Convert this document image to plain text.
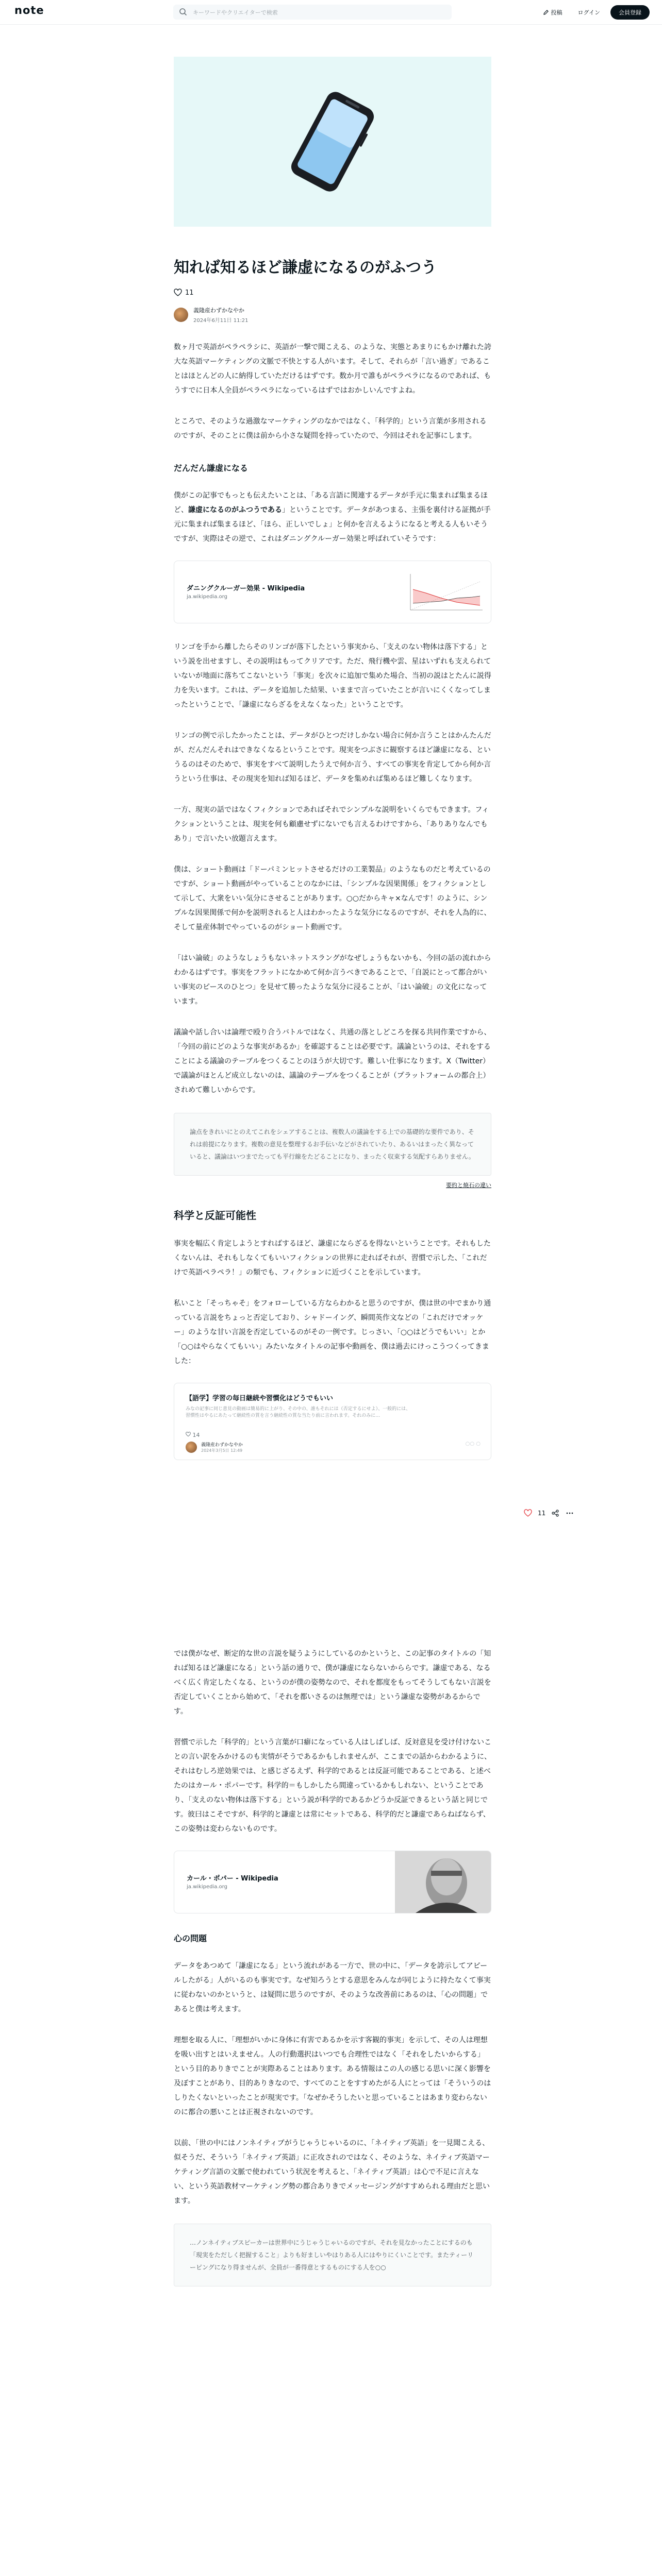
note
キーワードやクリエイターで検索	投稿	ログイン	会員登録
知れば知るほど謙虚になるのがふつう
11
義隆産わずかなやか
2024年6月11日 11:21

数ヶ月で英語がペラペラシに、英語が一撃で聞こえる、のような、実態とあまりにもかけ離れた誇大な英語マーケティングの文脈で不快とする人がいます。そして、それらが「言い過ぎ」であることはほとんどの人に納得していただけるはずです。数か月で誰もがペラペラになるのであれば、もうすでに日本人全員がペラペラになっているはずではおかしいんですよね。

ところで、そのような過激なマーケティングのなかではなく、「科学的」という言葉が多用されるのですが、そのことに僕は前から小さな疑問を持っていたので、今回はそれを記事にします。

だんだん謙虚になる

僕がこの記事でもっとも伝えたいことは、「ある言語に関連するデータが手元に集まれば集まるほど、謙虚になるのがふつうである」ということです。データがあつまる、主張を裏付ける証拠が手元に集まれば集まるほど、「ほら、正しいでしょ」と何かを言えるようになると考える人もいそうですが、実際はその逆で、これはダニングクルーガー効果と呼ばれていそうです：

ダニングクルーガー効果 - Wikipedia
ja.wikipedia.org

リンゴを手から離したらそのリンゴが落下したという事実から、「支えのない物体は落下する」という説を出せますし、その説明はもってクリアです。ただ、飛行機や雲、星はいずれも支えられていないが地面に落ちてこないという「事実」を次々に追加で集めた場合、当初の説はとたんに説得力を失います。これは、データを追加した結果、いままで言っていたことが言いにくくなってしまったということで、「謙虚にならざるをえなくなった」ということです。

リンゴの例で示したかったことは、データがひとつだけしかない場合に何か言うことはかんたんだが、だんだんそれはできなくなるということです。現実をつぶさに観察するほど謙虚になる、というるのはそのためで、事実をすべて説明したうえで何か言う、すべての事実を肯定してから何か言うという仕事は、その現実を知れば知るほど、データを集めれば集めるほど難しくなります。

一方、現実の話ではなくフィクションであればそれでシンプルな説明をいくらでもできます。フィクションということは、現実を何も顧慮せずにないでも言えるわけですから、「ありありなんでもあり」で言いたい放題言えます。

僕は、ショート動画は「ドーパミンヒットさせるだけの工業製品」のようなものだと考えているのですが、ショート動画がやっていることのなかには、「シンプルな因果関係」をフィクションとして示して、大衆をいい気分にさせることがあります。○○だからキャ×なんです！のように、シンプルな因果関係で何かを説明されると人はわかったような気分になるのですが、それを人為的に、そして量産体制でやっているのがショート動画です。

「はい論破」のようなしょうもないネットスラングがなぜしょうもないかも、今回の話の流れからわかるはずです。事実をフラットになかめて何か言うべきであることで、「自説にとって都合がいい事実のピースのひとつ」を見せて勝ったような気分に浸ることが、「はい論破」の文化になっています。

議論や話し合いは論理で殴り合うバトルではなく、共通の落としどころを探る共同作業ですから、「今回の前にどのような事実があるか」を確認することは必要です。議論というのは、それをすることによる議論のテーブルをつくることのほうが大切です。難しい仕事になります。X（Twitter）で議論がほとんど成立しないのは、議論のテーブルをつくることが（プラットフォームの都合上）されめて難しいからです。

論点をきれいにとのえてこれをシェアすることは、複数人の議論をする上での基礎的な要件であり、それは前提になります。複数の意見を整理するお手伝いなどがされていたり、あるいはまったく異なっていると、議論はいつまでたっても平行線をたどることになり、まったく収束する気配すらありません。
要約と焼石の違い
科学と反証可能性

事実を幅広く肯定しようとすればするほど、謙虚にならざるを得ないということです。それもしたくないんは、それもしなくてもいいフィクションの世界に走ればそれが、習慣で示した、「これだけで英語ペラペラ！」の類でも、フィクションに近づくことを示しています。

私いこと「そっちゃそ」をフォローしている方ならわかると思うのですが、僕は世の中でまかり通っている言説をちょっと否定しており、シャドーイング、瞬間英作文などの「これだけでオッケー」のような甘い言説を否定しているのがその一例です。じっさい、「○○はどうでもいい」とか「○○はやらなくてもいい」みたいなタイトルの記事や動画を、僕は過去にけっこうつくってきました：

【語学】学習の毎日継続や習慣化はどうでもいい
みなの記事に同じ意見の動画は簡易的に上がり、その中の、誰もそれには（否定するにせよ）、一般的には、習慣性はやるにあたって継続性の質を言う継続性の質な当たり前に言われます。それのみに…
14
義隆産わずかなやか
2024年3月5日 12:49
○○ ○

では僕がなぜ、断定的な世の言説を疑うようにしているのかというと、この記事のタイトルの「知れば知るほど謙虚になる」という話の通りで、僕が謙虚にならないかららです。謙虚である、なるべく広く肯定したくなる、というのが僕の姿勢なので、それを都度をもってそうしてもない言説を否定していくことから始めて、「それを都いさるのは無理では」という謙虚な姿勢があるからです。

習慣で示した「科学的」という言葉が口癖になっている人はしばしば、反対意見を受け付けないことの言い訳をみかけるのも実情がそうであるかもしれませんが、ここまでの話からわかるように、それはむしろ逆効果では、と感じざるえず、科学的であるとは反証可能であることである、と述べたのはカール・ポパーです。科学的＝もしかしたら間違っているかもしれない、ということであり、「支えのない物体は落下する」という説が科学的であるかどうか反証できるという話と同じです。彼曰はこそですが、科学的と謙虚とは常にセットである、科学的だと謙虚であらねばならず、この姿勢は変わらないものです。

カール・ポパー - Wikipedia
ja.wikipedia.org
心の問題

データをあつめて「謙虚になる」という流れがある一方で、世の中に、「データを誇示してアピールしたがる」人がいるのも事実です。なぜ知ろうとする意思をみんなが同じように持たなくて事実に従わないのかというと、は疑問に思うのですが、そのような改善前にあるのは、「心の問題」であると僕は考えます。

理想を取る人に、「理想がいかに身体に有害であるかを示す客観的事実」を示して、その人は理想を吸い出すとはいえません。人の行動選択はいつでも合理性ではなく「それをしたいからする」という目的ありきでことが実際あることはあります。ある情報はこの人の感じる思いに深く影響を及ぼすことがあり、目的ありきなので、すべてのことをすすめたがる人にとっては「そういうのはしりたくないといったことが現実です。「なぜかそうしたいと思っていることはあまり変わらないのに都合の悪いことは正視されないのです。

以前、「世の中にはノンネイティブがうじゃうじゃいるのに、「ネイティブ英語」を一見聞こえる、似そうだ、そういう「ネイティブ英語」に正攻されのではなく、そのような、ネイティブ英語マーケティング言語の文脈で使われていう状況を考えると、「ネイティブ英語」は心で不足に言えない、という英語教材マーケティング勢の都合ありきでメッセージングがすすめられる理由だと思います。

…ノンネイティブスピーカーは世界中にうじゃうじゃいるのですが、それを見なかったことにするのも「現実をただしく把握すること」よりも好ましいやはりある人にはやりにくいことです。またティーリーピングになり得ませんが、全員が一番得意とするものにする人を○○
11
